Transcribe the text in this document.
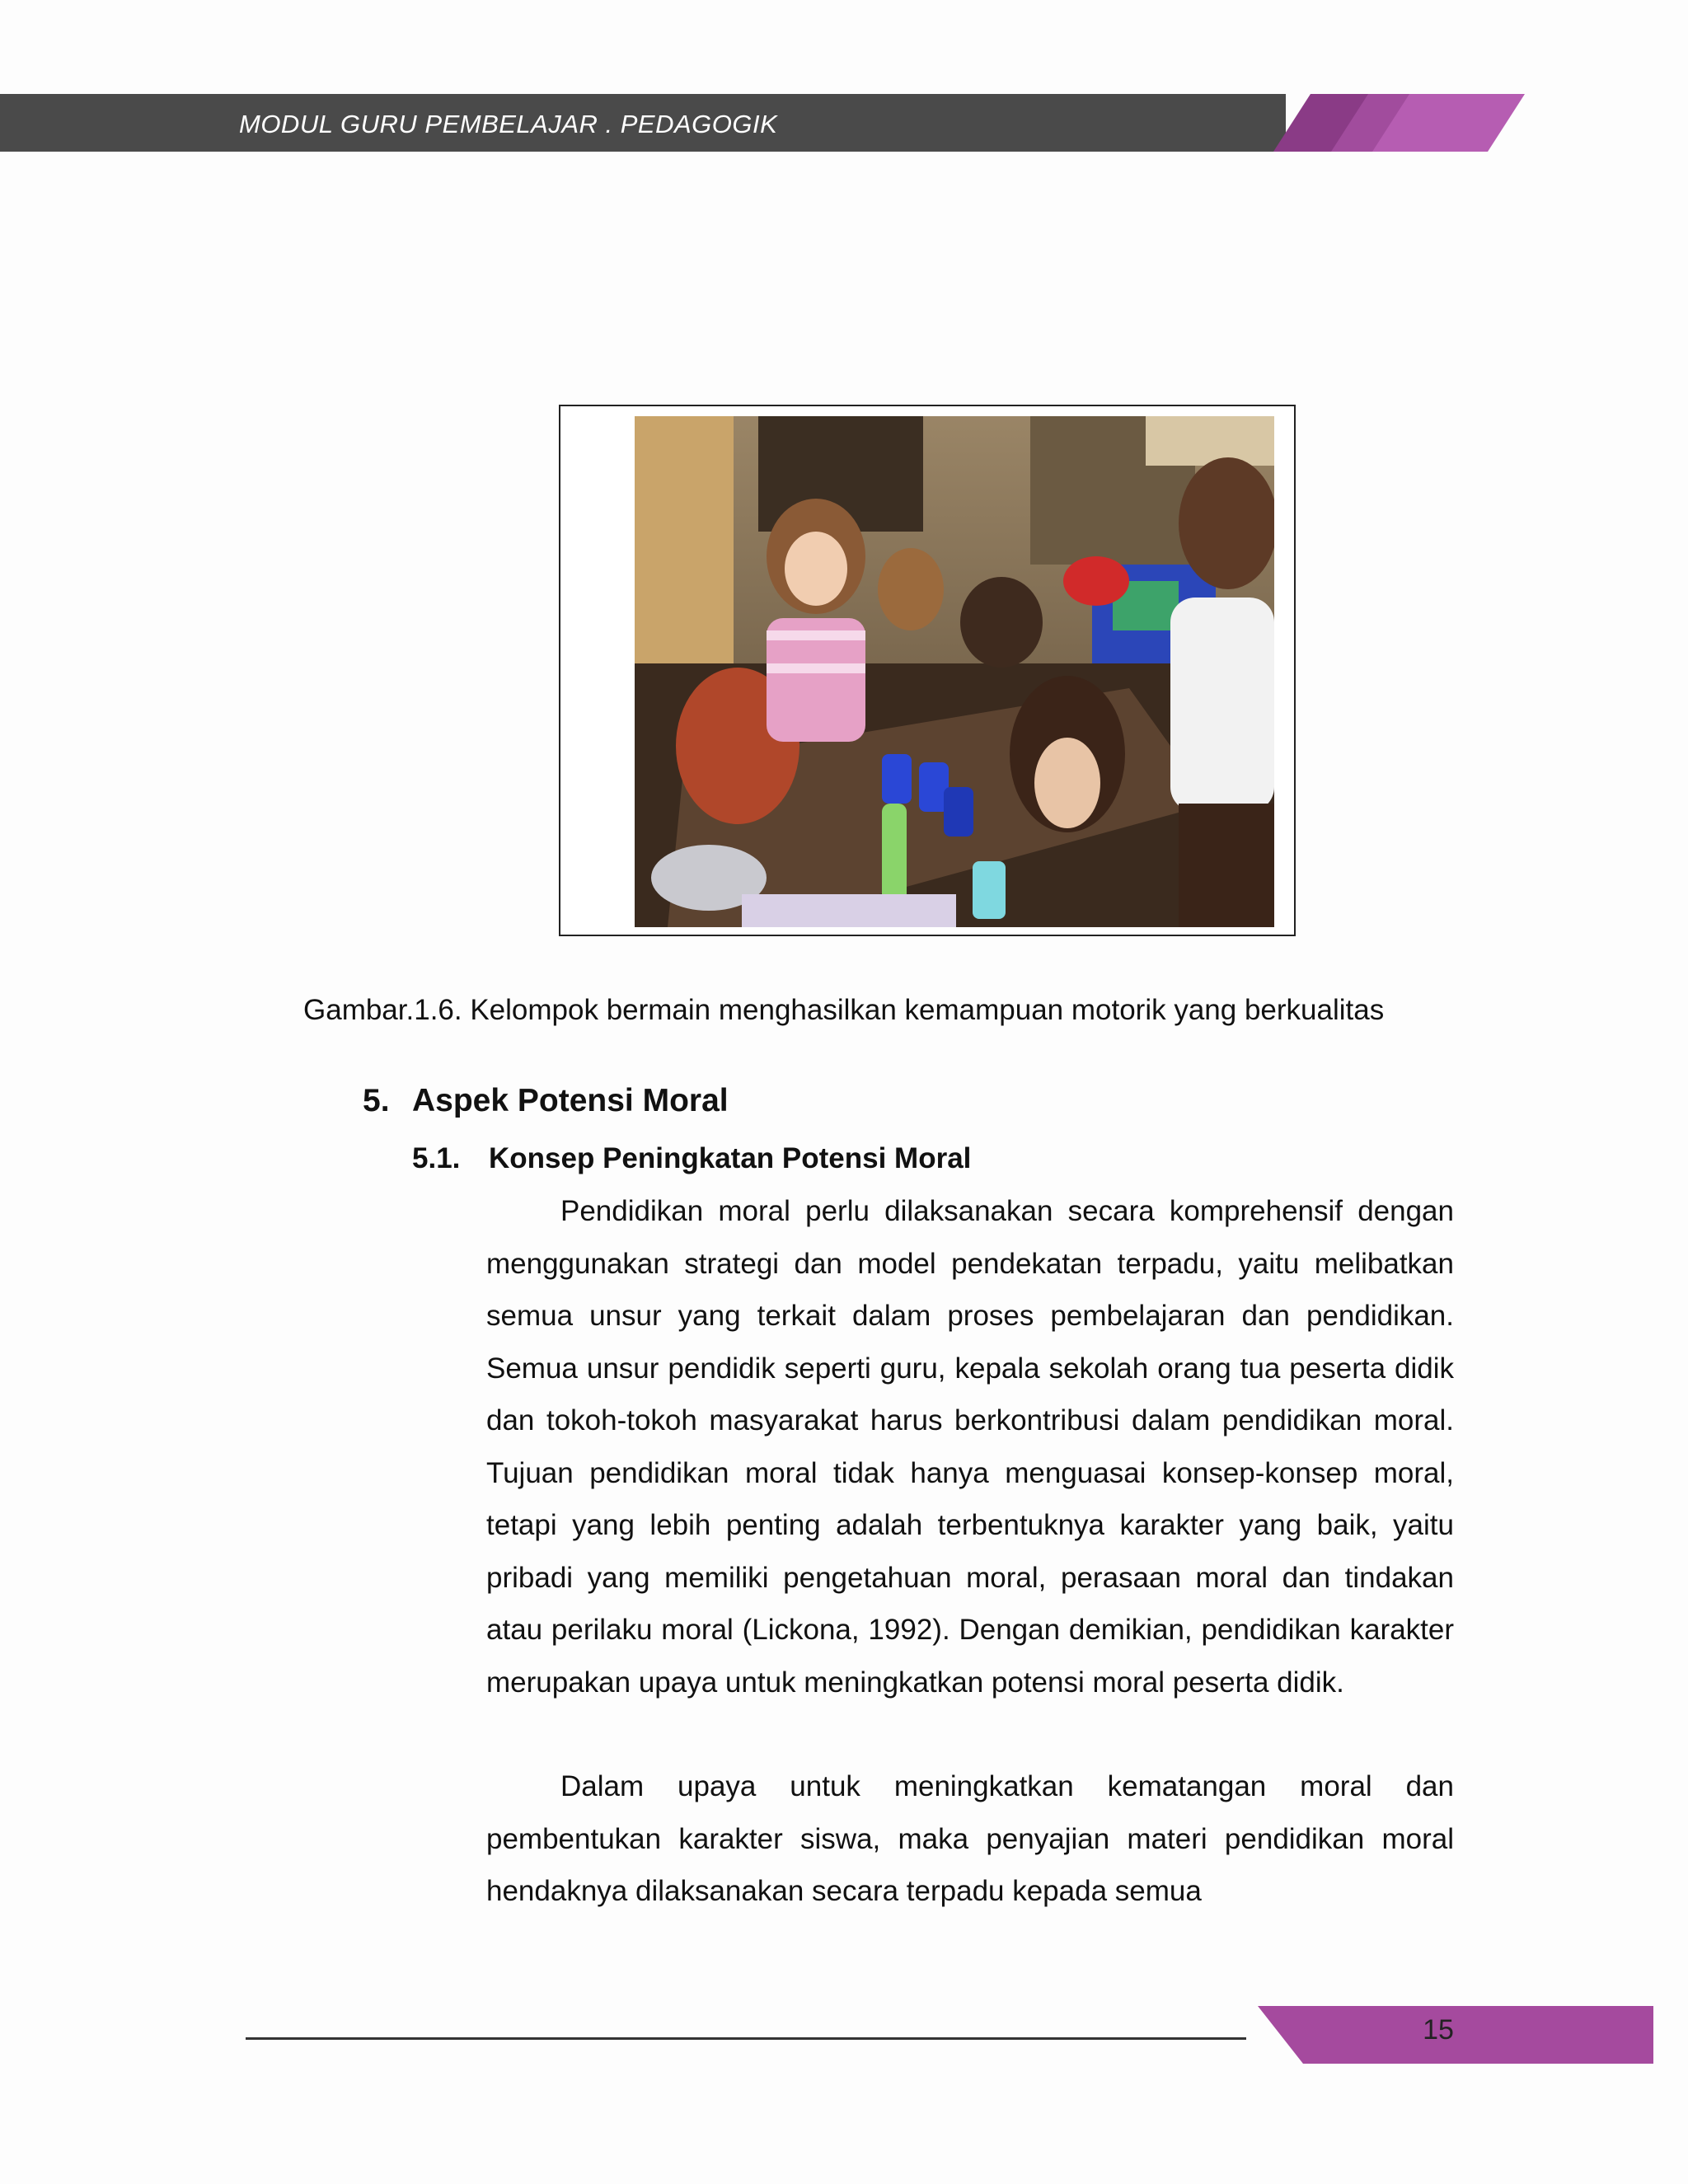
MODUL GURU PEMBELAJAR . PEDAGOGIK
Gambar.1.6. Kelompok bermain menghasilkan kemampuan motorik yang berkualitas
5. Aspek Potensi Moral
5.1. Konsep Peningkatan Potensi Moral

Pendidikan moral perlu dilaksanakan secara komprehensif dengan menggunakan strategi dan model pendekatan terpadu, yaitu melibatkan semua unsur yang terkait dalam proses pembelajaran dan pendidikan. Semua unsur pendidik seperti guru, kepala sekolah orang tua peserta didik dan tokoh-tokoh masyarakat harus berkontribusi dalam pendidikan moral. Tujuan pendidikan moral tidak hanya menguasai konsep-konsep moral, tetapi yang lebih penting adalah terbentuknya karakter yang baik, yaitu pribadi yang memiliki pengetahuan moral, perasaan moral dan tindakan atau perilaku moral (Lickona, 1992). Dengan demikian, pendidikan karakter merupakan upaya untuk meningkatkan potensi moral peserta didik.

Dalam upaya untuk meningkatkan kematangan moral dan pembentukan karakter siswa, maka penyajian materi pendidikan moral hendaknya dilaksanakan secara terpadu kepada semua

15
